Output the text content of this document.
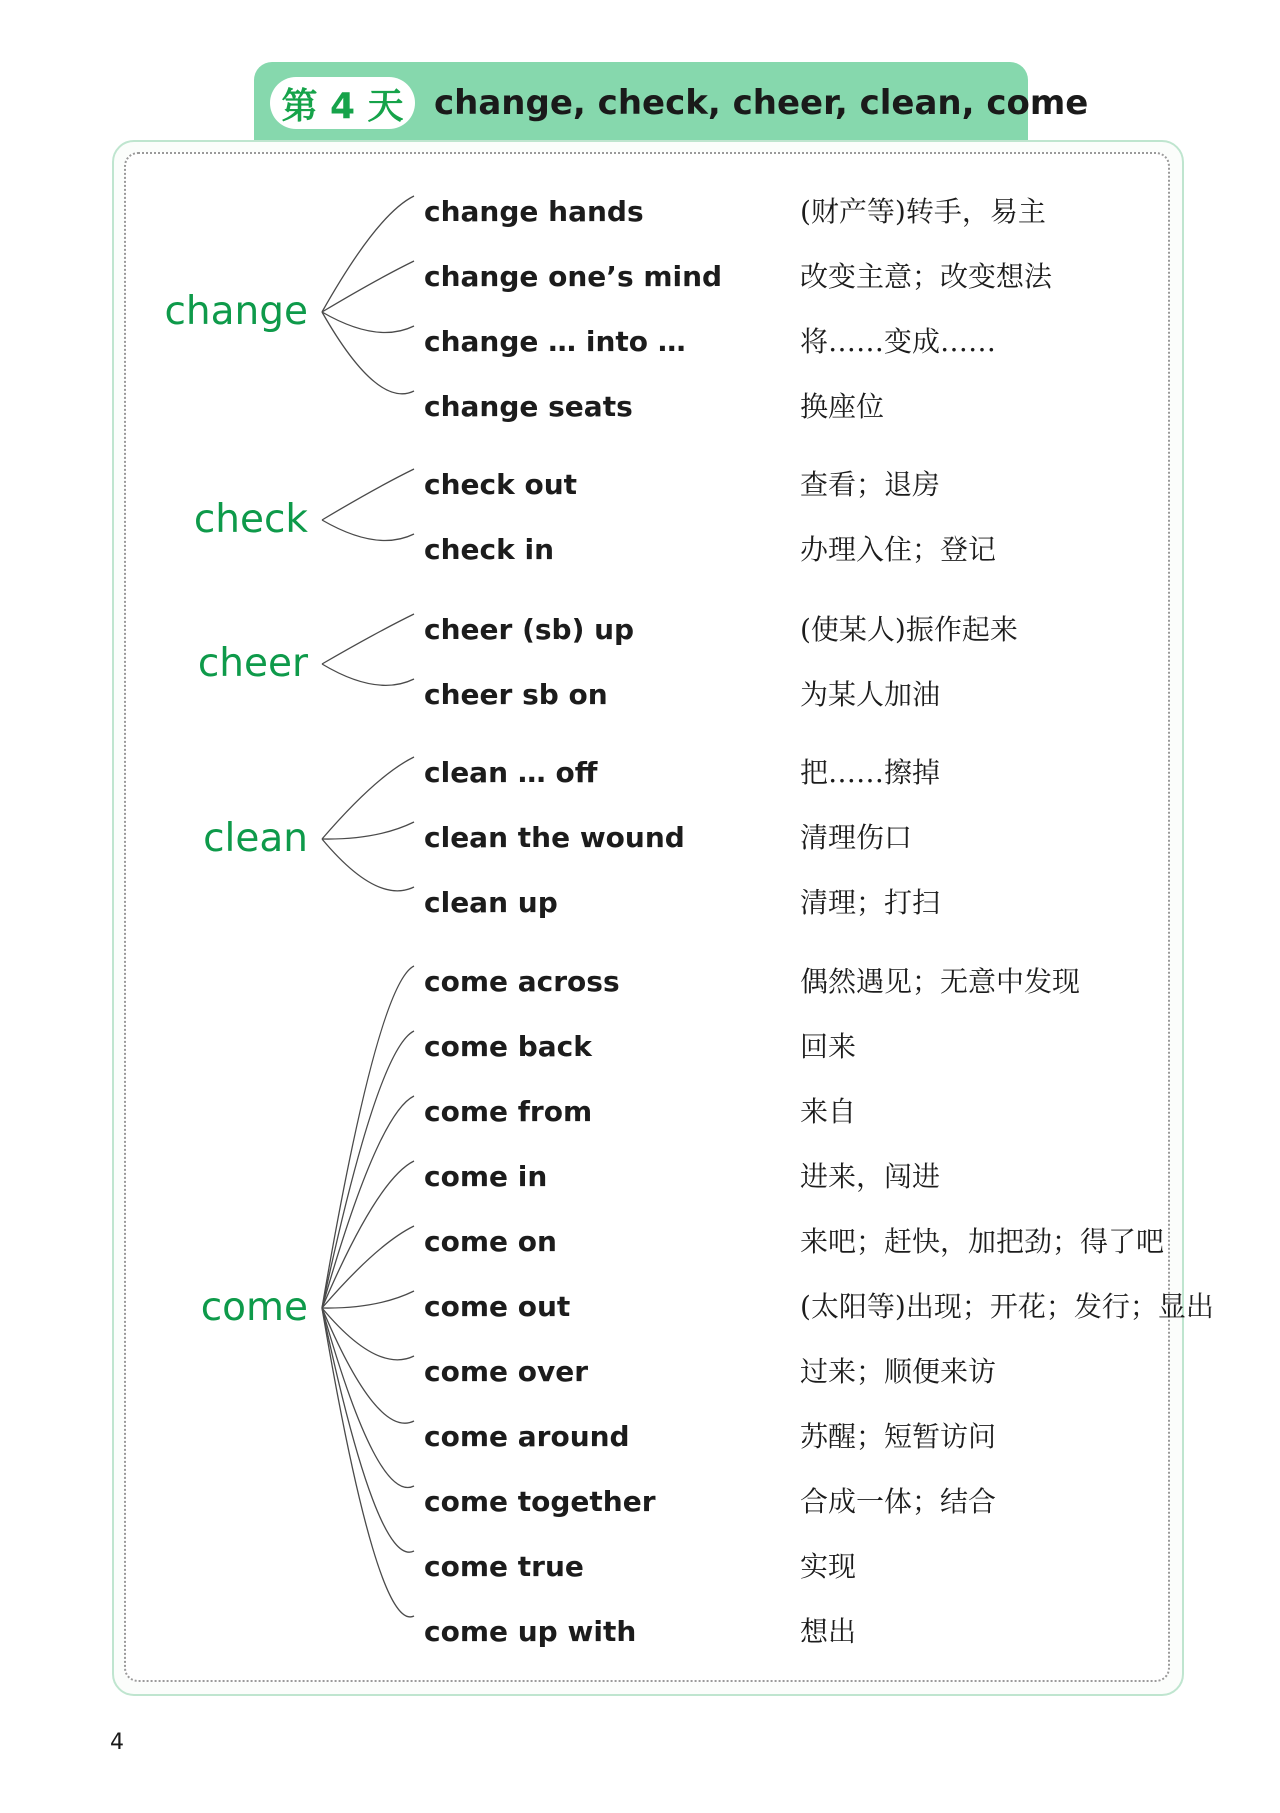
第 4 天 change, check, cheer, clean, come
change
change hands	(财产等)转手，易主
change one’s mind	改变主意；改变想法
change … into …	将……变成……
change seats	换座位
check
check out	查看；退房
check in	办理入住；登记
cheer
cheer (sb) up	(使某人)振作起来
cheer sb on	为某人加油
clean
clean … off	把……擦掉
clean the wound	清理伤口
clean up	清理；打扫
come
come across	偶然遇见；无意中发现
come back	回来
come from	来自
come in	进来，闯进
come on	来吧；赶快，加把劲；得了吧
come out	(太阳等)出现；开花；发行；显出
come over	过来；顺便来访
come around	苏醒；短暂访问
come together	合成一体；结合
come true	实现
come up with	想出
4
